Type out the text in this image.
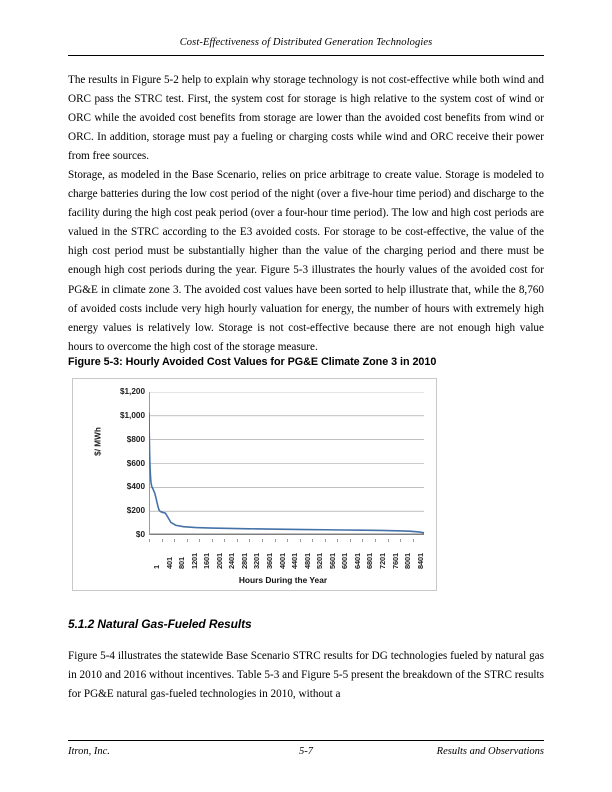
Cost-Effectiveness of Distributed Generation Technologies
The results in Figure 5-2 help to explain why storage technology is not cost-effective while both wind and ORC pass the STRC test. First, the system cost for storage is high relative to the system cost of wind or ORC while the avoided cost benefits from storage are lower than the avoided cost benefits from wind or ORC. In addition, storage must pay a fueling or charging costs while wind and ORC receive their power from free sources.
Storage, as modeled in the Base Scenario, relies on price arbitrage to create value. Storage is modeled to charge batteries during the low cost period of the night (over a five-hour time period) and discharge to the facility during the high cost peak period (over a four-hour time period). The low and high cost periods are valued in the STRC according to the E3 avoided costs. For storage to be cost-effective, the value of the high cost period must be substantially higher than the value of the charging period and there must be enough high cost periods during the year. Figure 5-3 illustrates the hourly values of the avoided cost for PG&E in climate zone 3. The avoided cost values have been sorted to help illustrate that, while the 8,760 of avoided costs include very high hourly valuation for energy, the number of hours with extremely high energy values is relatively low. Storage is not cost-effective because there are not enough high value hours to overcome the high cost of the storage measure.
Figure 5-3: Hourly Avoided Cost Values for PG&E Climate Zone 3 in 2010
$/ MWh
$1,200
$1,000
$800
$600
$400
$200
$0
1 401 801 1201 1601 2001 2401 2801 3201 3601 4001 4401 4801 5201 5601 6001 6401 6801 7201 7601 8001 8401
Hours During the Year
5.1.2 Natural Gas-Fueled Results
Figure 5-4 illustrates the statewide Base Scenario STRC results for DG technologies fueled by natural gas in 2010 and 2016 without incentives. Table 5-3 and Figure 5-5 present the breakdown of the STRC results for PG&E natural gas-fueled technologies in 2010, without a
Itron, Inc.	5-7	Results and Observations
